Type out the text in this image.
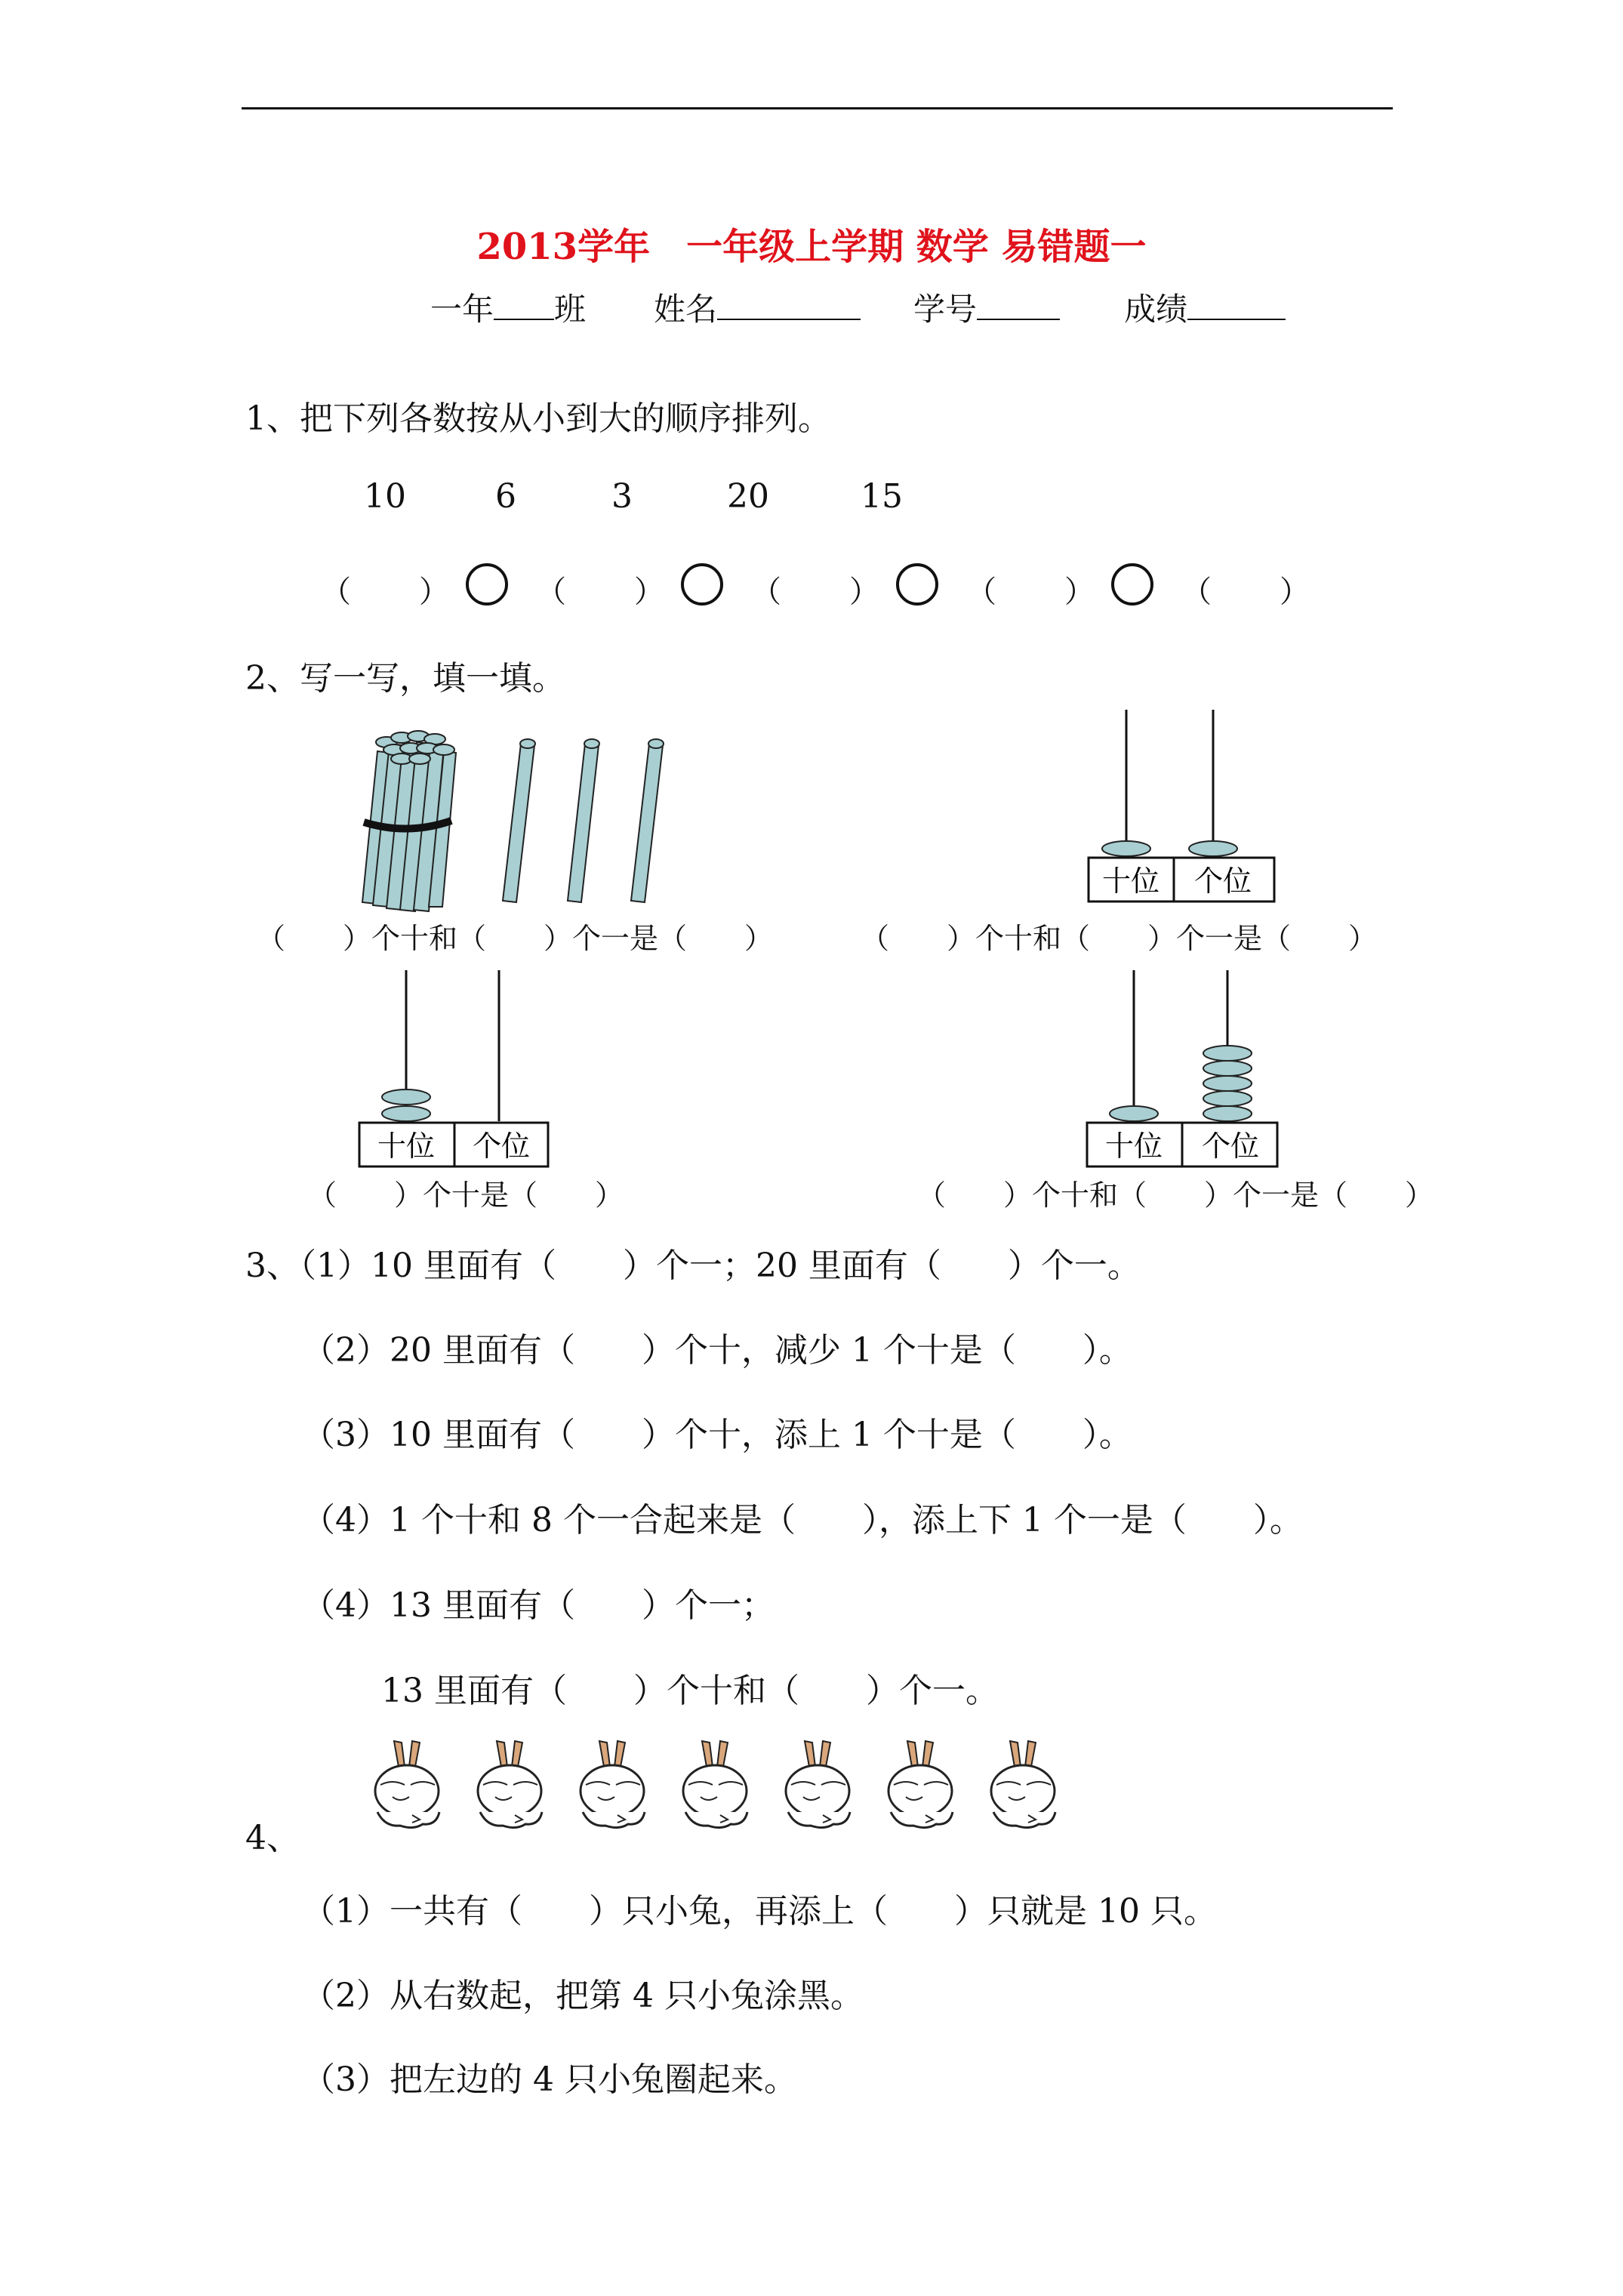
2013学年　一年级上学期 数学 易错题一
一年 班 姓名	学号	成绩
1、把下列各数按从小到大的顺序排列。
10	6	3	20	15
（ ）	（ ）	（ ）	（ ）	（ ）
2、写一写，填一填。
（　　）个十和（　　）个一是（　　）
十位 个位
（　　）个十和（　　）个一是（　　）
十位 个位
（　　）个十是（　　）
十位 个位
（　　）个十和（　　）个一是（　　）
3、（1）10 里面有（　　）个一；20 里面有（　　）个一。
（2）20 里面有（　　）个十，减少 1 个十是（　　）。
（3）10 里面有（　　）个十，添上 1 个十是（　　）。
（4）1 个十和 8 个一合起来是（　　），添上下 1 个一是（　　）。
（4）13 里面有（　　）个一；
13 里面有（　　）个十和（　　）个一。
4、
（1）一共有（　　）只小兔，再添上（　　）只就是 10 只。
（2）从右数起，把第 4 只小兔涂黑。
（3）把左边的 4 只小兔圈起来。
